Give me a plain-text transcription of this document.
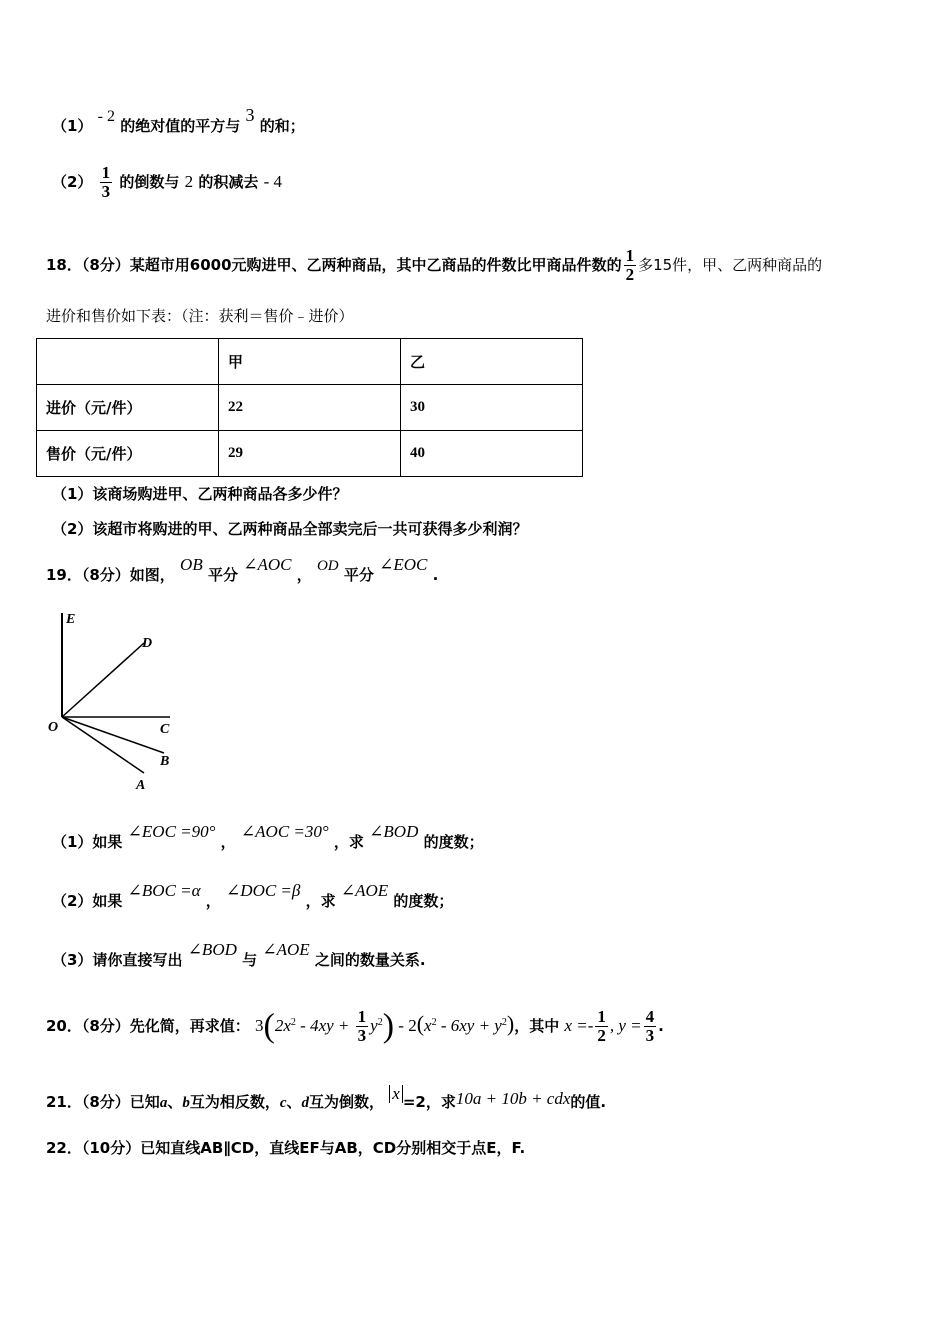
（1） - 2 的绝对值的平方与 3 的和；
$(2) \frac{1}{3}$ 的倒数与 2 的积减去 - 4
18．（8分）某超市用6000元购进甲、乙两种商品，其中乙商品的件数比甲商品件数的 $\frac{1}{2}$ 多15件，甲、乙两种商品的
进价和售价如下表：（注：获利＝售价﹣进价）
	甲	乙
进价（元/件）	22	30
售价（元/件）	29	40
（1）该商场购进甲、乙两种商品各多少件？
（2）该超市将购进的甲、乙两种商品全部卖完后一共可获得多少利润？
19．（8分）如图， OB 平分 ∠AOC ， OD 平分 ∠EOC .
E
D
O	C
B
A
（1）如果 ∠EOC =90° ， ∠AOC =30° ，求 ∠BOD 的度数；
（2）如果 ∠BOC =α ， ∠DOC =β ，求 ∠AOE 的度数；
（3）请你直接写出 ∠BOD 与 ∠AOE 之间的数量关系.
20．（8分）先化简，再求值： $3(2x^2 - 4xy + \frac{1}{3} y^2) - 2(x^2 - 6xy + y^2)$，其中 $x =- \frac{1}{2}$ , $y = \frac{4}{3}$ .
21．（8分）已知a、b互为相反数，c、d互为倒数， x =2，求10a + 10b + cdx的值.
22．（10分）已知直线AB∥CD，直线EF与AB，CD分别相交于点E，F.
